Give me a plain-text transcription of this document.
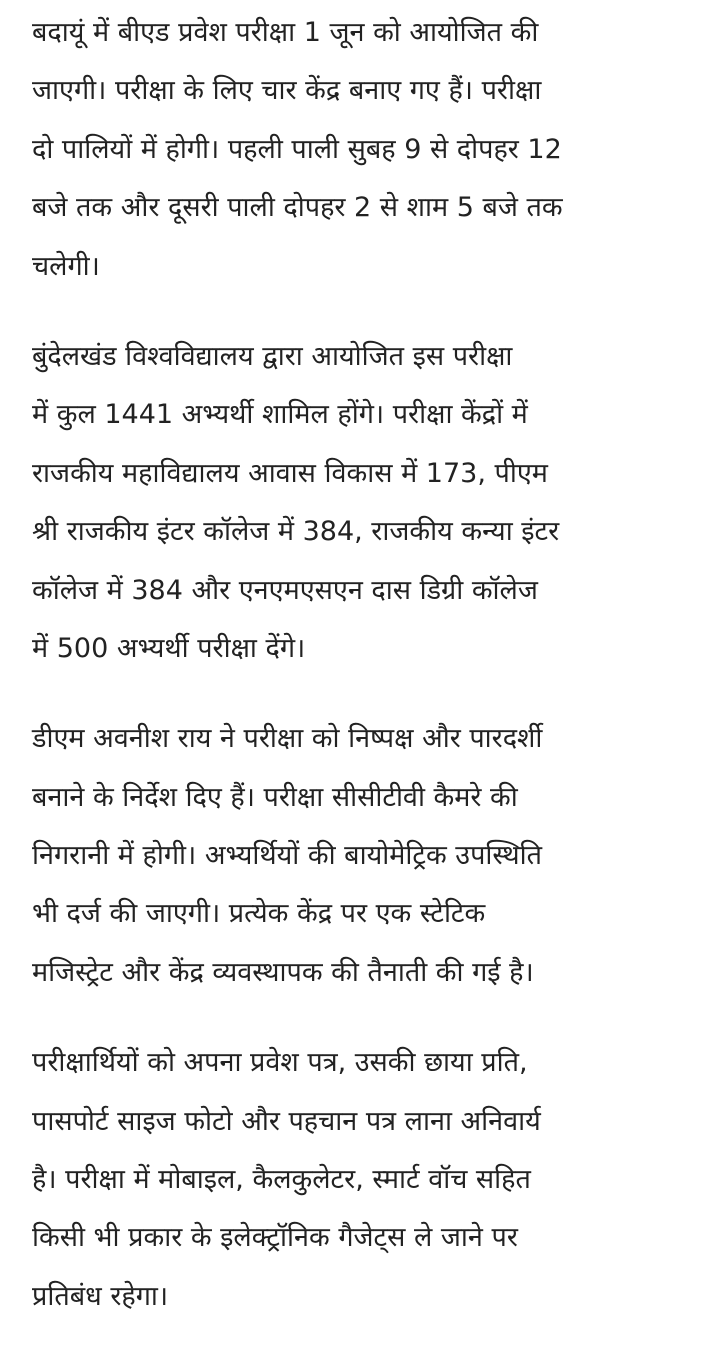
बदायूं में बीएड प्रवेश परीक्षा 1 जून को आयोजित की
जाएगी। परीक्षा के लिए चार केंद्र बनाए गए हैं। परीक्षा
दो पालियों में होगी। पहली पाली सुबह 9 से दोपहर 12
बजे तक और दूसरी पाली दोपहर 2 से शाम 5 बजे तक
चलेगी।

बुंदेलखंड विश्वविद्यालय द्वारा आयोजित इस परीक्षा
में कुल 1441 अभ्यर्थी शामिल होंगे। परीक्षा केंद्रों में
राजकीय महाविद्यालय आवास विकास में 173, पीएम
श्री राजकीय इंटर कॉलेज में 384, राजकीय कन्या इंटर
कॉलेज में 384 और एनएमएसएन दास डिग्री कॉलेज
में 500 अभ्यर्थी परीक्षा देंगे।

डीएम अवनीश राय ने परीक्षा को निष्पक्ष और पारदर्शी
बनाने के निर्देश दिए हैं। परीक्षा सीसीटीवी कैमरे की
निगरानी में होगी। अभ्यर्थियों की बायोमेट्रिक उपस्थिति
भी दर्ज की जाएगी। प्रत्येक केंद्र पर एक स्टेटिक
मजिस्ट्रेट और केंद्र व्यवस्थापक की तैनाती की गई है।

परीक्षार्थियों को अपना प्रवेश पत्र, उसकी छाया प्रति,
पासपोर्ट साइज फोटो और पहचान पत्र लाना अनिवार्य
है। परीक्षा में मोबाइल, कैलकुलेटर, स्मार्ट वॉच सहित
किसी भी प्रकार के इलेक्ट्रॉनिक गैजेट्स ले जाने पर
प्रतिबंध रहेगा।
